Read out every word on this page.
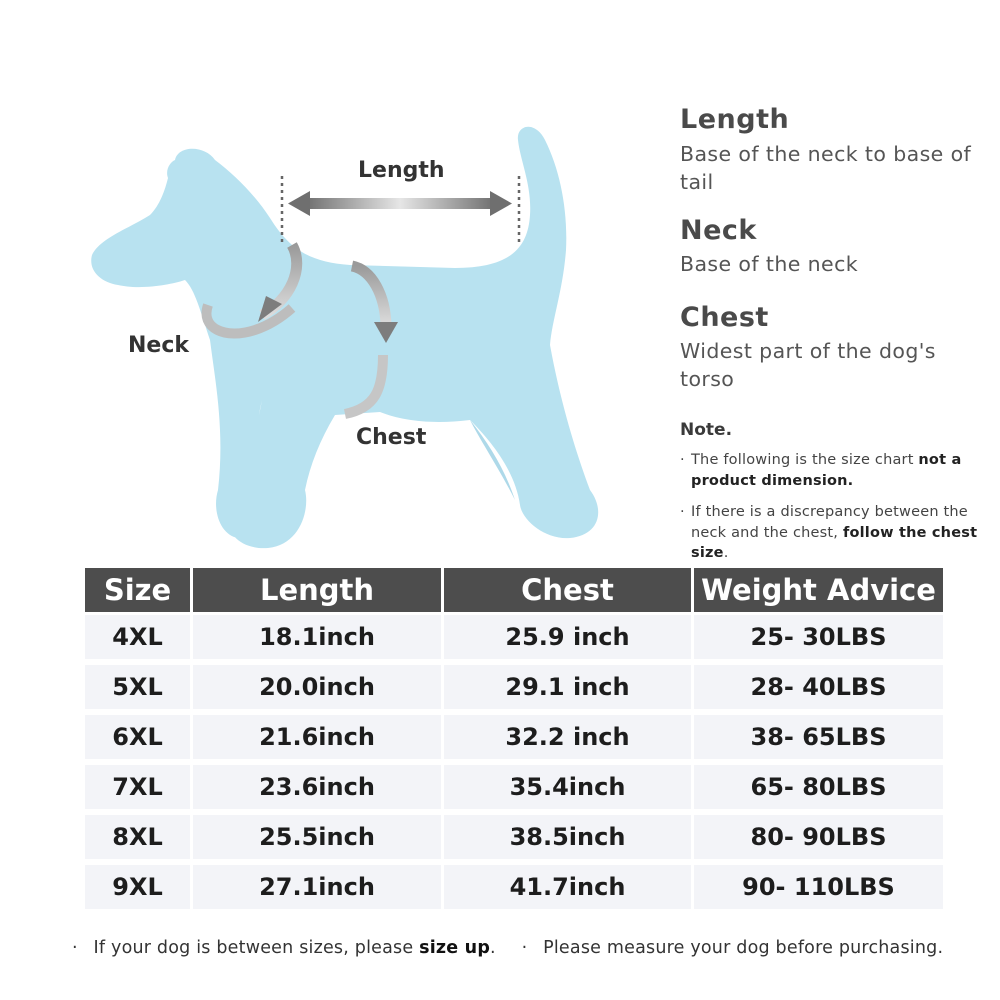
Length
Neck
Chest
Length
Base of the neck to base of tail
Neck
Base of the neck
Chest
Widest part of the dog's torso
Note.
· The following is the size chart not a product dimension.
· If there is a discrepancy between the neck and the chest, follow the chest size.
Size	Length	Chest	Weight Advice
4XL	18.1inch	25.9 inch	25- 30LBS
5XL	20.0inch	29.1 inch	28- 40LBS
6XL	21.6inch	32.2 inch	38- 65LBS
7XL	23.6inch	35.4inch	65- 80LBS
8XL	25.5inch	38.5inch	80- 90LBS
9XL	27.1inch	41.7inch	90- 110LBS
· If your dog is between sizes, please size up. · Please measure your dog before purchasing.
